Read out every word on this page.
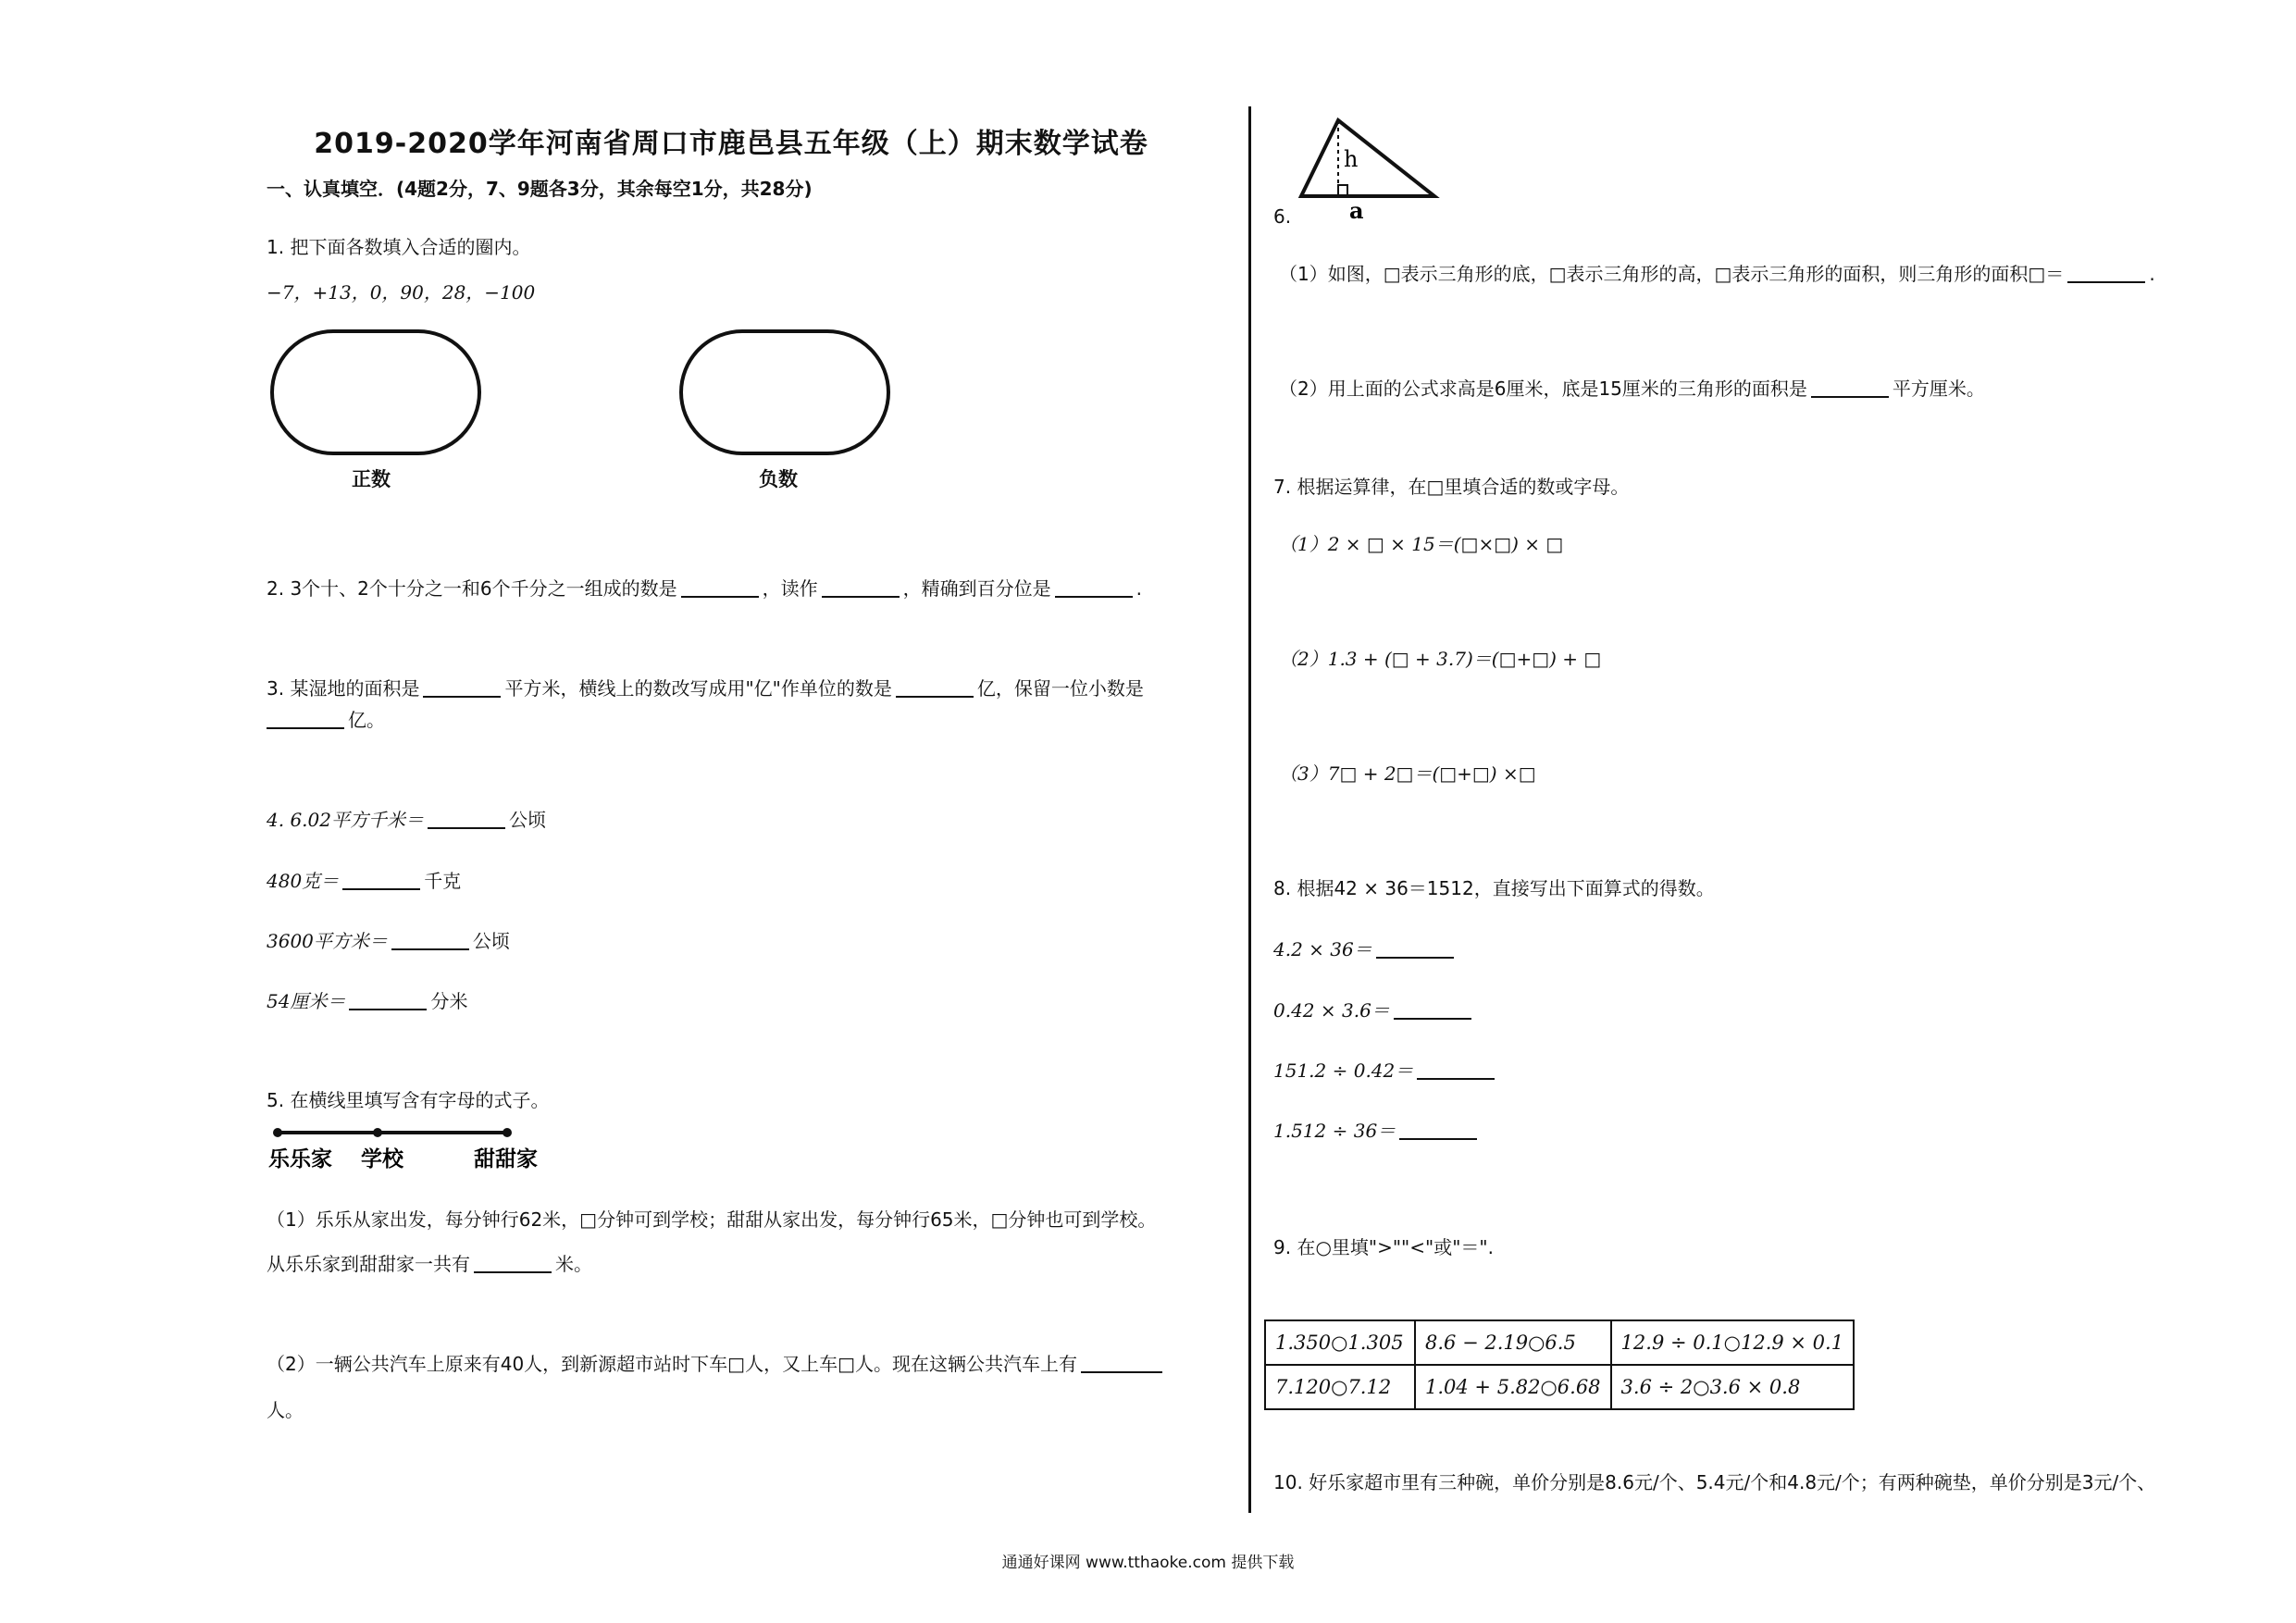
2019-2020学年河南省周口市鹿邑县五年级（上）期末数学试卷
一、认真填空．(4题2分，7、9题各3分，其余每空1分，共28分)
1. 把下面各数填入合适的圈内。
−7，+13，0，90，28，−100
正数	负数
2. 3个十、2个十分之一和6个千分之一组成的数是	，读作	，精确到百分位是	.
3. 某湿地的面积是	平方米，横线上的数改写成用"亿"作单位的数是	亿，保留一位小数是
亿。
4. 6.02平方千米＝	公顷
480克＝	千克
3600平方米＝	公顷
54厘米＝	分米
5. 在横线里填写含有字母的式子。
乐乐家 学校	甜甜家
（1）乐乐从家出发，每分钟行62米，□分钟可到学校；甜甜从家出发，每分钟行65米，□分钟也可到学校。
从乐乐家到甜甜家一共有	米。
（2）一辆公共汽车上原来有40人，到新源超市站时下车□人，又上车□人。现在这辆公共汽车上有
人。
h
a
6.
（1）如图，□表示三角形的底，□表示三角形的高，□表示三角形的面积，则三角形的面积□＝	.
（2）用上面的公式求高是6厘米，底是15厘米的三角形的面积是	平方厘米。
7. 根据运算律，在□里填合适的数或字母。
（1）2 × □ × 15＝(□×□) × □
（2）1.3 + (□ + 3.7)＝(□+□) + □
（3）7□ + 2□＝(□+□) ×□
8. 根据42 × 36＝1512，直接写出下面算式的得数。
4.2 × 36＝
0.42 × 3.6＝
151.2 ÷ 0.42＝
1.512 ÷ 36＝
9. 在○里填">""<"或"＝".
1.350○1.305	8.6 − 2.19○6.5	12.9 ÷ 0.1○12.9 × 0.1
7.120○7.12	1.04 + 5.82○6.68	3.6 ÷ 2○3.6 × 0.8
10. 好乐家超市里有三种碗，单价分别是8.6元/个、5.4元/个和4.8元/个；有两种碗垫，单价分别是3元/个、
通通好课网 www.tthaoke.com 提供下载
